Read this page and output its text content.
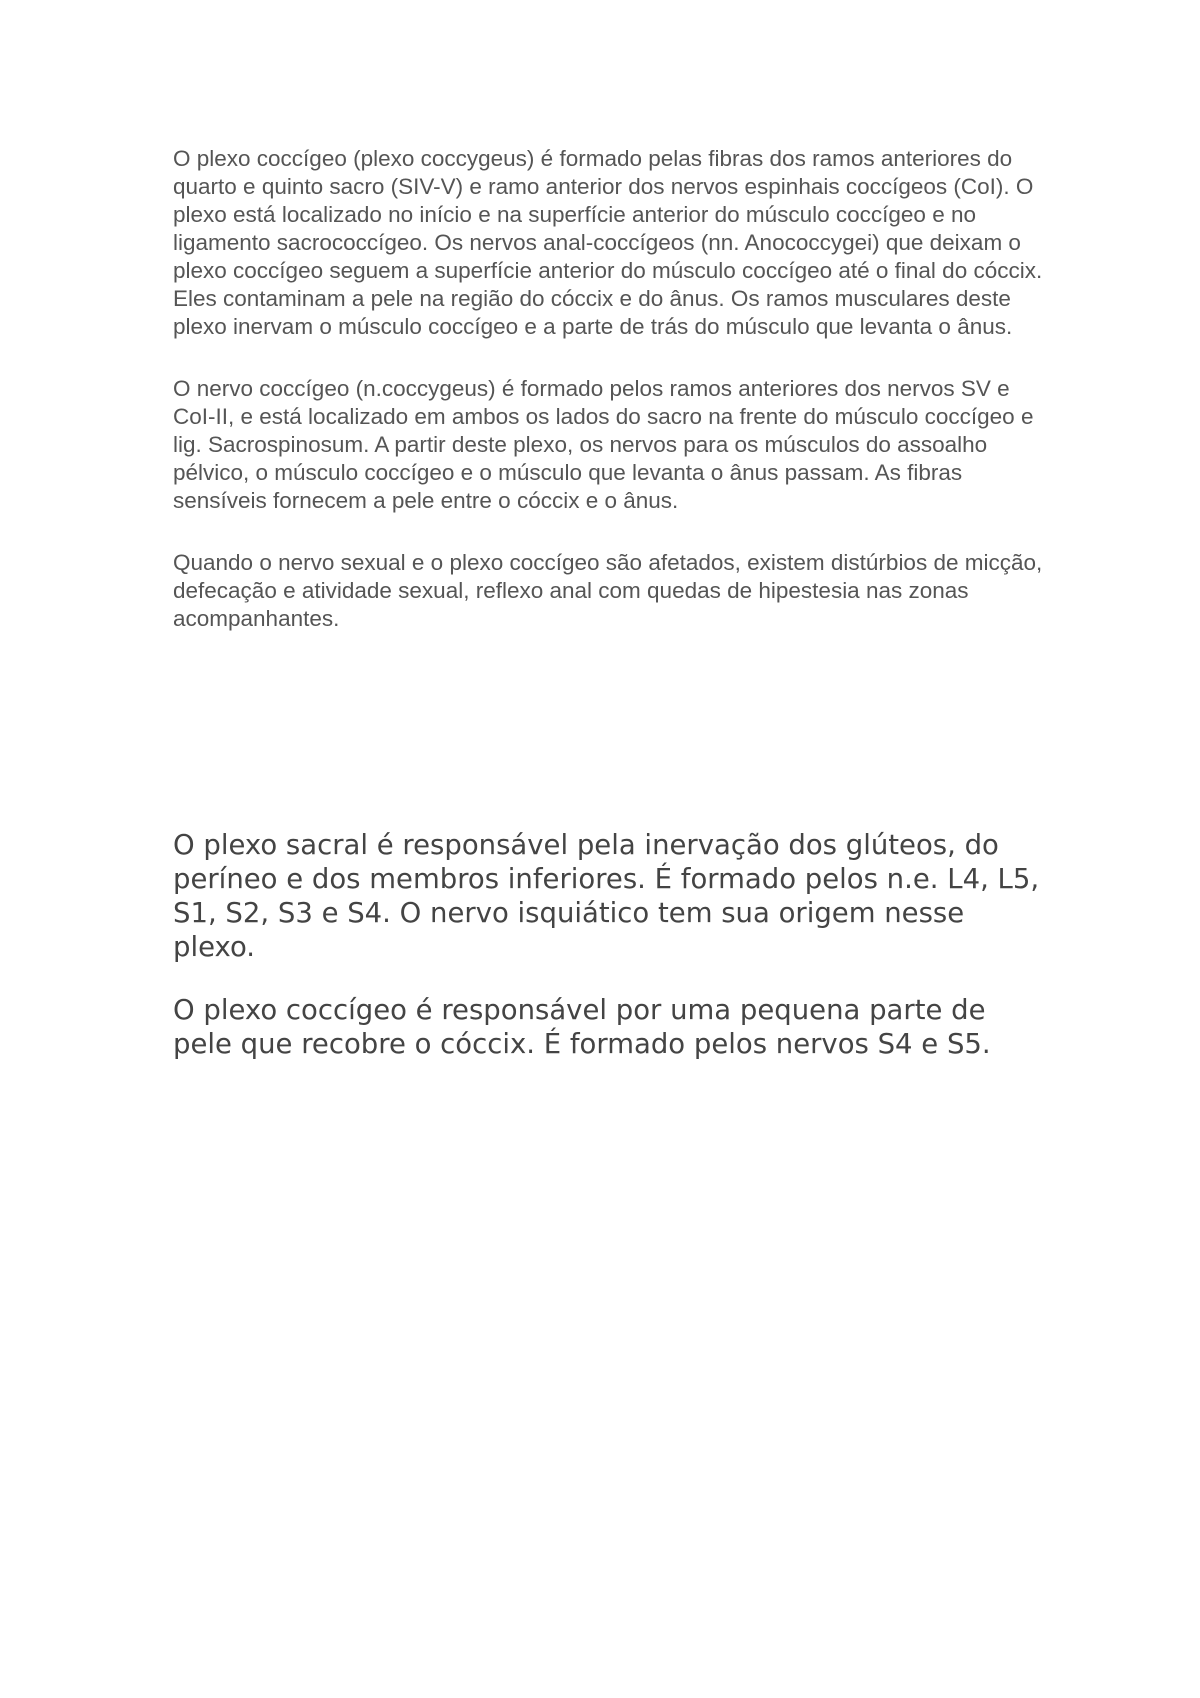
O plexo coccígeo (plexo coccygeus) é formado pelas fibras dos ramos anteriores do quarto e quinto sacro (SIV-V) e ramo anterior dos nervos espinhais coccígeos (CoI). O plexo está localizado no início e na superfície anterior do músculo coccígeo e no ligamento sacrococcígeo. Os nervos anal-coccígeos (nn. Anococcygei) que deixam o plexo coccígeo seguem a superfície anterior do músculo coccígeo até o final do cóccix. Eles contaminam a pele na região do cóccix e do ânus. Os ramos musculares deste plexo inervam o músculo coccígeo e a parte de trás do músculo que levanta o ânus.

O nervo coccígeo (n.coccygeus) é formado pelos ramos anteriores dos nervos SV e CoI-II, e está localizado em ambos os lados do sacro na frente do músculo coccígeo e lig. Sacrospinosum. A partir deste plexo, os nervos para os músculos do assoalho pélvico, o músculo coccígeo e o músculo que levanta o ânus passam. As fibras sensíveis fornecem a pele entre o cóccix e o ânus.

Quando o nervo sexual e o plexo coccígeo são afetados, existem distúrbios de micção, defecação e atividade sexual, reflexo anal com quedas de hipestesia nas zonas acompanhantes.

O plexo sacral é responsável pela inervação dos glúteos, do períneo e dos membros inferiores. É formado pelos n.e. L4, L5, S1, S2, S3 e S4. O nervo isquiático tem sua origem nesse plexo.

O plexo coccígeo é responsável por uma pequena parte de pele que recobre o cóccix. É formado pelos nervos S4 e S5.
